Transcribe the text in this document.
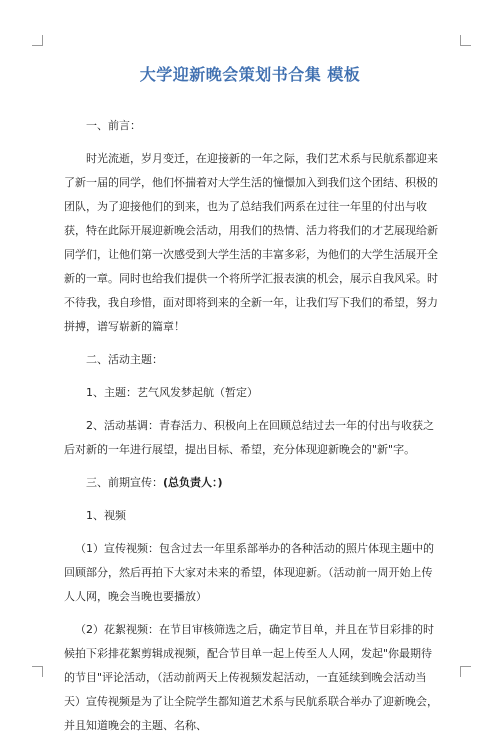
大学迎新晚会策划书合集 模板

一、前言：

时光流逝，岁月变迁，在迎接新的一年之际，我们艺术系与民航系都迎来了新一届的同学，他们怀揣着对大学生活的憧憬加入到我们这个团结、积极的团队，为了迎接他们的到来，也为了总结我们两系在过往一年里的付出与收获，特在此际开展迎新晚会活动，用我们的热情、活力将我们的才艺展现给新同学们，让他们第一次感受到大学生活的丰富多彩，为他们的大学生活展开全新的一章。同时也给我们提供一个将所学汇报表演的机会，展示自我风采。时不待我，我自珍惜，面对即将到来的全新一年，让我们写下我们的希望，努力拼搏，谱写崭新的篇章！

二、活动主题：

1、主题：艺气风发梦起航（暂定）

2、活动基调：青春活力、积极向上在回顾总结过去一年的付出与收获之后对新的一年进行展望，提出目标、希望，充分体现迎新晚会的"新"字。

三、前期宣传：(总负责人：)

1、视频

（1）宣传视频：包含过去一年里系部举办的各种活动的照片体现主题中的回顾部分，然后再拍下大家对未来的希望，体现迎新。（活动前一周开始上传人人网，晚会当晚也要播放）

（2）花絮视频：在节目审核筛选之后，确定节目单，并且在节目彩排的时候拍下彩排花絮剪辑成视频，配合节目单一起上传至人人网，发起"你最期待的节目"评论活动，（活动前两天上传视频发起活动，一直延续到晚会活动当天）宣传视频是为了让全院学生都知道艺术系与民航系联合举办了迎新晚会，并且知道晚会的主题、名称、
